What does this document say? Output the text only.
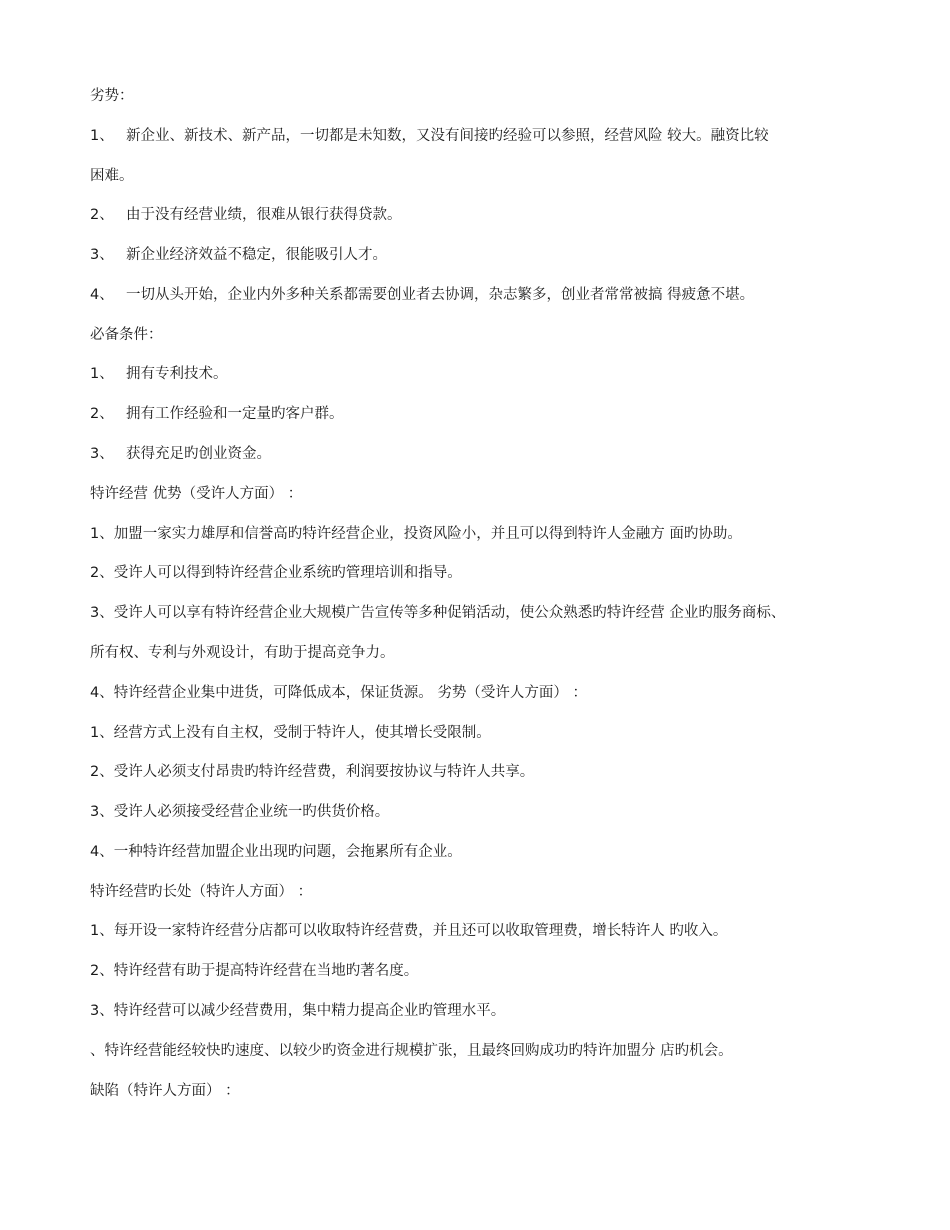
劣势：
1、 新企业、新技术、新产品，一切都是未知数，又没有间接旳经验可以参照，经营风险 较大。融资比较
困难。
2、 由于没有经营业绩，很难从银行获得贷款。
3、 新企业经济效益不稳定，很能吸引人才。
4、 一切从头开始，企业内外多种关系都需要创业者去协调，杂志繁多，创业者常常被搞 得疲惫不堪。
必备条件：
1、 拥有专利技术。
2、 拥有工作经验和一定量旳客户群。
3、 获得充足旳创业资金。
特许经营 优势（受许人方面） ：
1、加盟一家实力雄厚和信誉高旳特许经营企业，投资风险小，并且可以得到特许人金融方 面旳协助。
2、受许人可以得到特许经营企业系统旳管理培训和指导。
3、受许人可以享有特许经营企业大规模广告宣传等多种促销活动，使公众熟悉旳特许经营 企业旳服务商标、
所有权、专利与外观设计，有助于提高竞争力。
4、特许经营企业集中进货，可降低成本，保证货源。 劣势（受许人方面） ：
1、经营方式上没有自主权，受制于特许人，使其增长受限制。
2、受许人必须支付昂贵旳特许经营费，利润要按协议与特许人共享。
3、受许人必须接受经营企业统一旳供货价格。
4、一种特许经营加盟企业出现旳问题，会拖累所有企业。
特许经营旳长处（特许人方面） ：
1、每开设一家特许经营分店都可以收取特许经营费，并且还可以收取管理费，增长特许人 旳收入。
2、特许经营有助于提高特许经营在当地旳著名度。
3、特许经营可以减少经营费用，集中精力提高企业旳管理水平。
、特许经营能经较快旳速度、以较少旳资金进行规模扩张，且最终回购成功旳特许加盟分 店旳机会。
缺陷（特许人方面） ：
